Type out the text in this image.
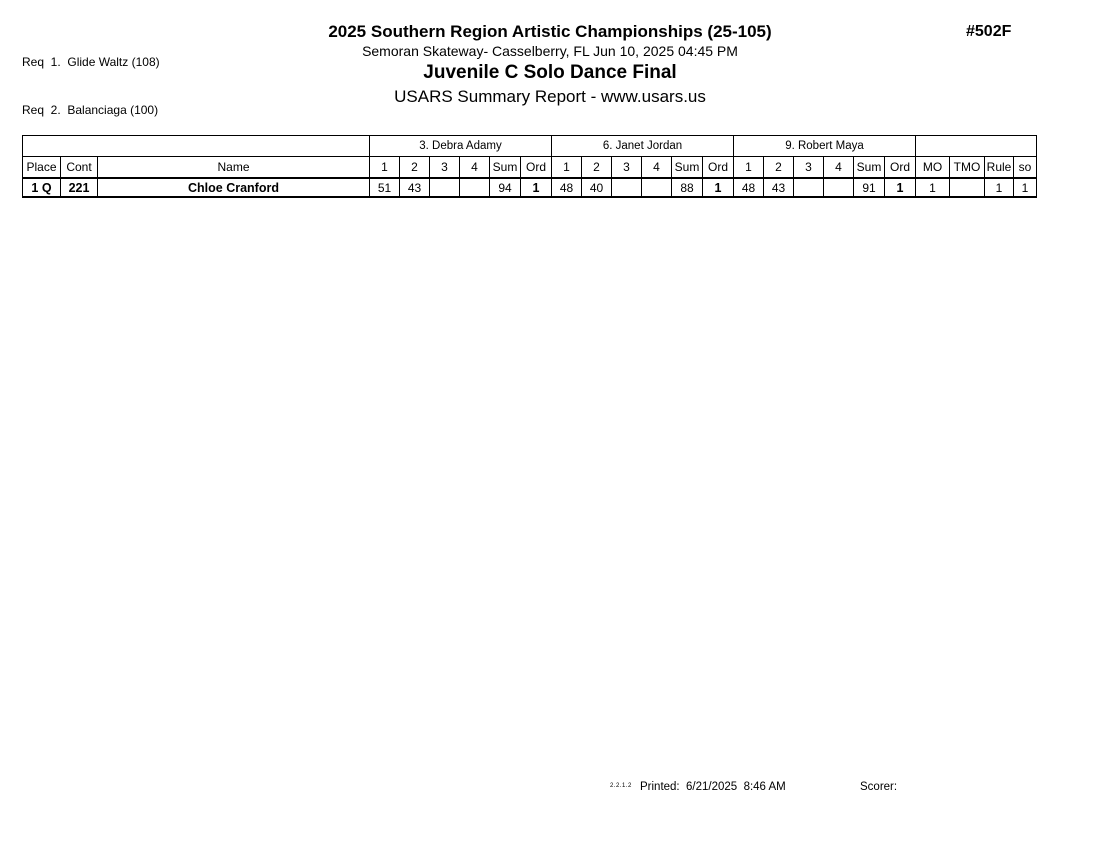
Req  1.  Glide Waltz (108)

Req  2.  Balanciaga (100)

2025 Southern Region Artistic Championships (25-105)
Semoran Skateway- Casselberry, FL Jun 10, 2025 04:45 PM
Juvenile C Solo Dance Final
USARS Summary Report - www.usars.us
#502F
			3. Debra Adamy						6. Janet Jordan						9. Robert Maya									
Place	Cont	Name	1	2	3	4	Sum	Ord	1	2	3	4	Sum	Ord	1	2	3	4	Sum	Ord	MO	TMO	Rule	so
1 Q	221	Chloe Cranford	51	43			94	1	48	40			88	1	48	43			91	1	1		1	1
2.2.1.2 Printed:  6/21/2025  8:46 AM	Scorer:
